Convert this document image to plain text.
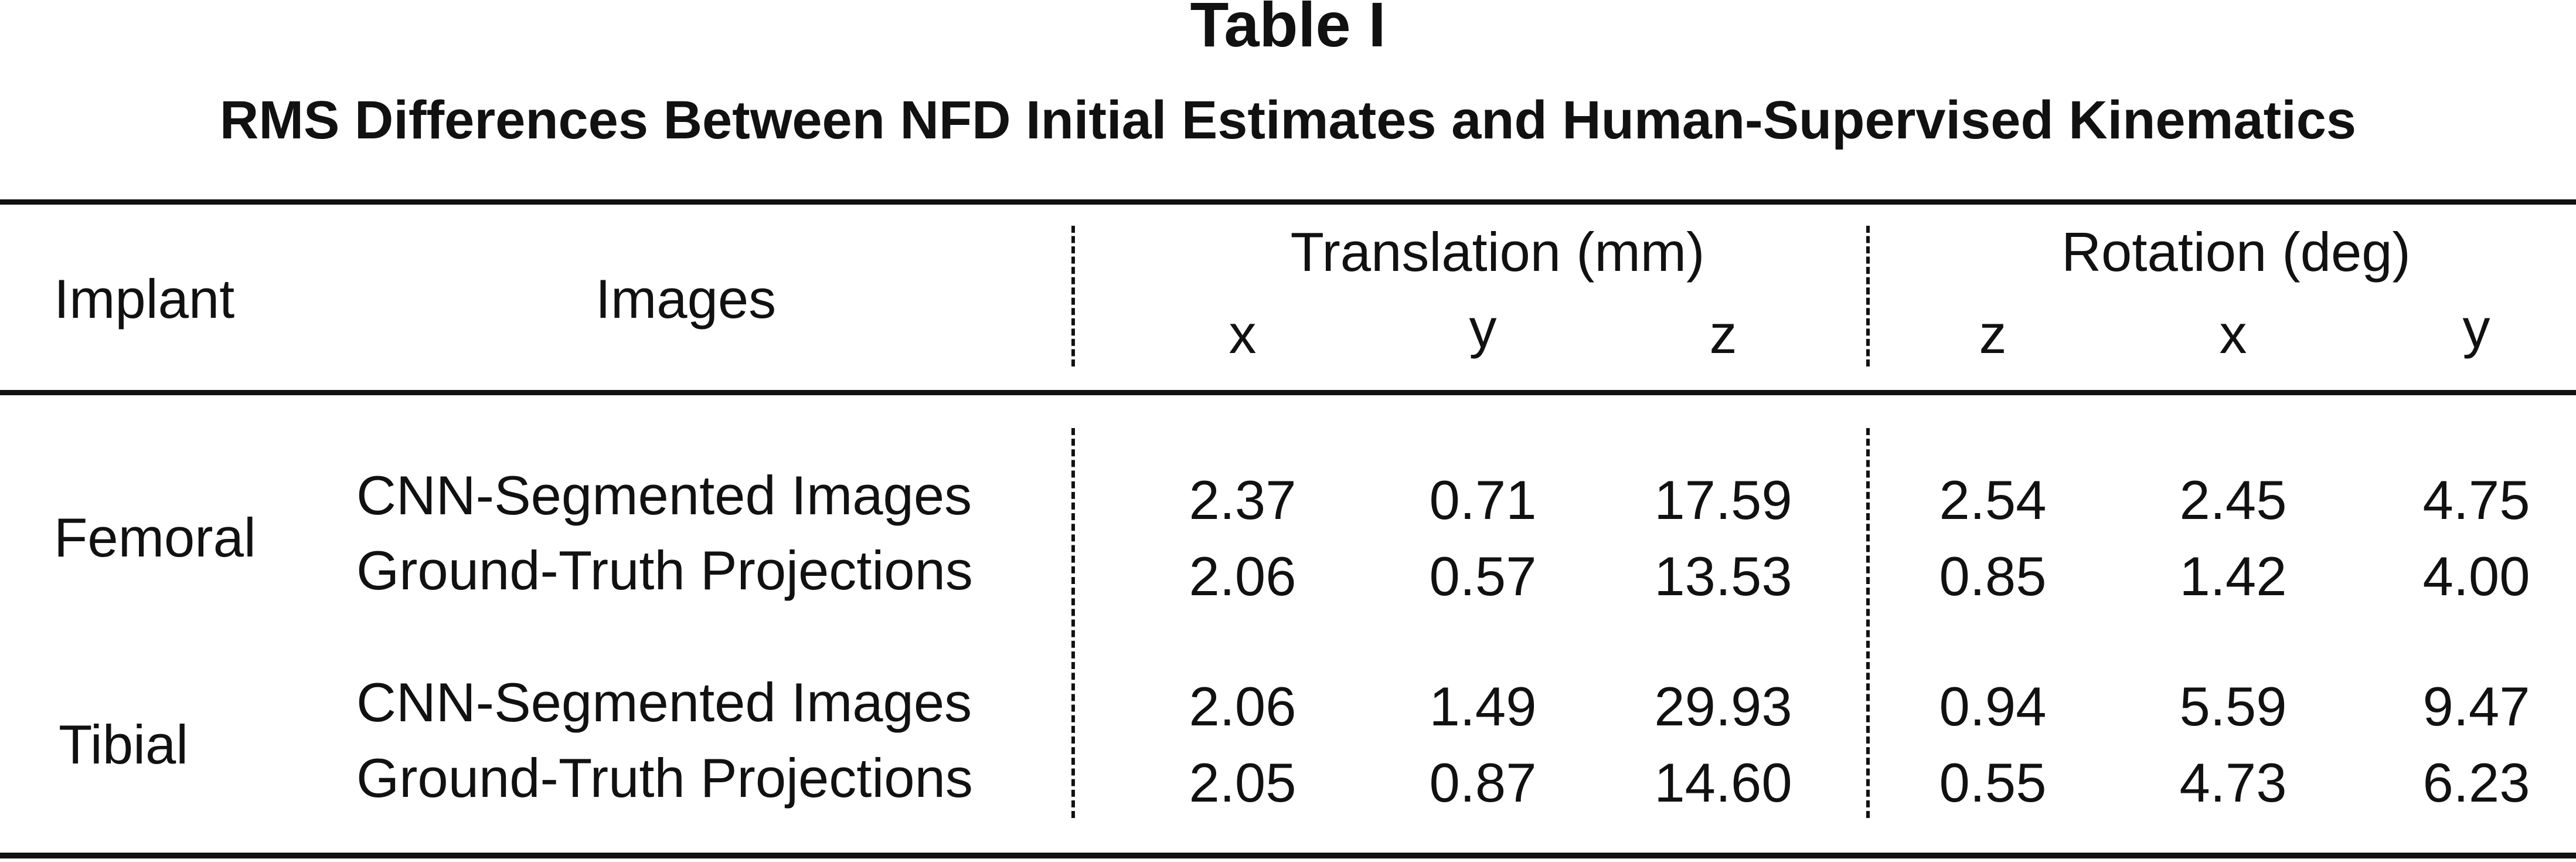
Table I
RMS Differences Between NFD Initial Estimates and Human-Supervised Kinematics
Implant	Images
Translation (mm)	Rotation (deg)
x	y	z	z	x	y
Femoral
CNN-Segmented Images	2.37 0.71 17.59	2.54 2.45 4.75
Ground-Truth Projections	2.06 0.57 13.53	0.85 1.42 4.00
Tibial
CNN-Segmented Images	2.06 1.49 29.93	0.94 5.59 9.47
Ground-Truth Projections	2.05 0.87 14.60	0.55 4.73 6.23
